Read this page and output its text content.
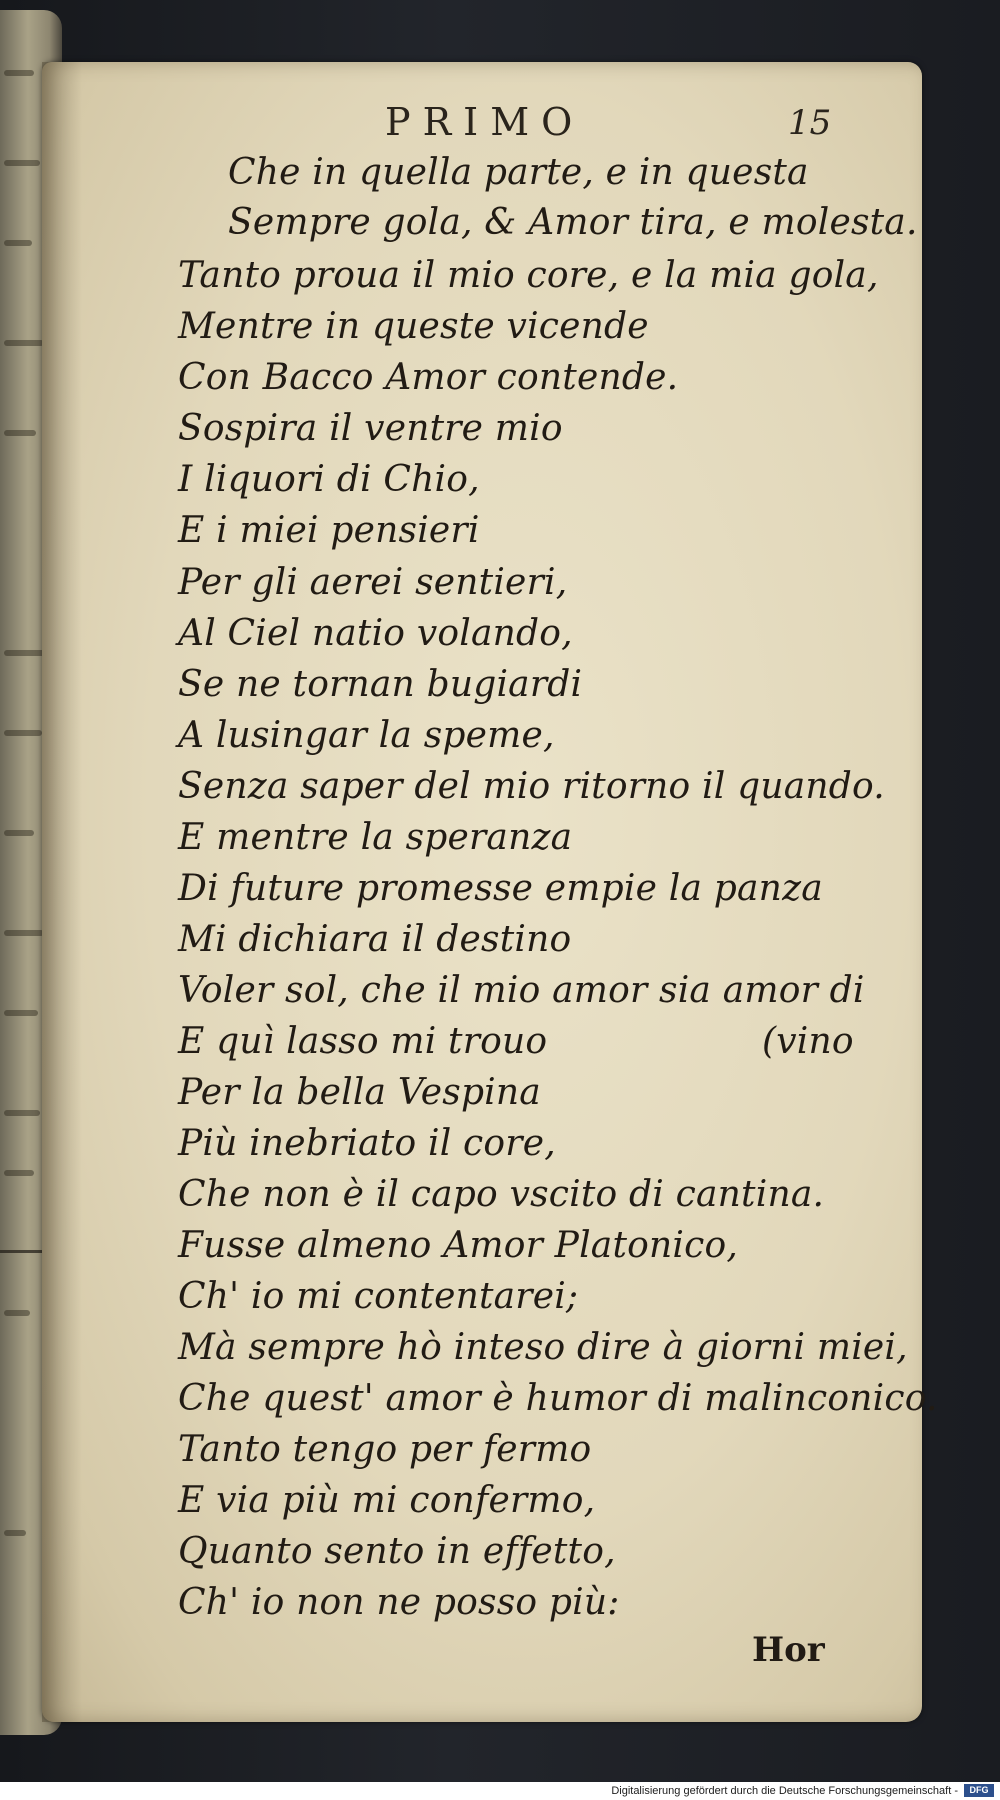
PRIMO	15
Che in quella parte, e in questa
Sempre gola, & Amor tira, e molesta.
Tanto proua il mio core, e la mia gola,
Mentre in queste vicende
Con Bacco Amor contende.
Sospira il ventre mio
I liquori di Chio,
E i miei pensieri
Per gli aerei sentieri,
Al Ciel natio volando,
Se ne tornan bugiardi
A lusingar la speme,
Senza saper del mio ritorno il quando.
E mentre la speranza
Di future promesse empie la panza
Mi dichiara il destino
Voler sol, che il mio amor sia amor di
E quì lasso mi trouo	(vino
Per la bella Vespina
Più inebriato il core,
Che non è il capo vscito di cantina.
Fusse almeno Amor Platonico,
Ch' io mi contentarei;
Mà sempre hò inteso dire à giorni miei,
Che quest' amor è humor di malinconico.
Tanto tengo per fermo
E via più mi confermo,
Quanto sento in effetto,
Ch' io non ne posso più:
Hor
Digitalisierung gefördert durch die Deutsche Forschungsgemeinschaft -	DFG
